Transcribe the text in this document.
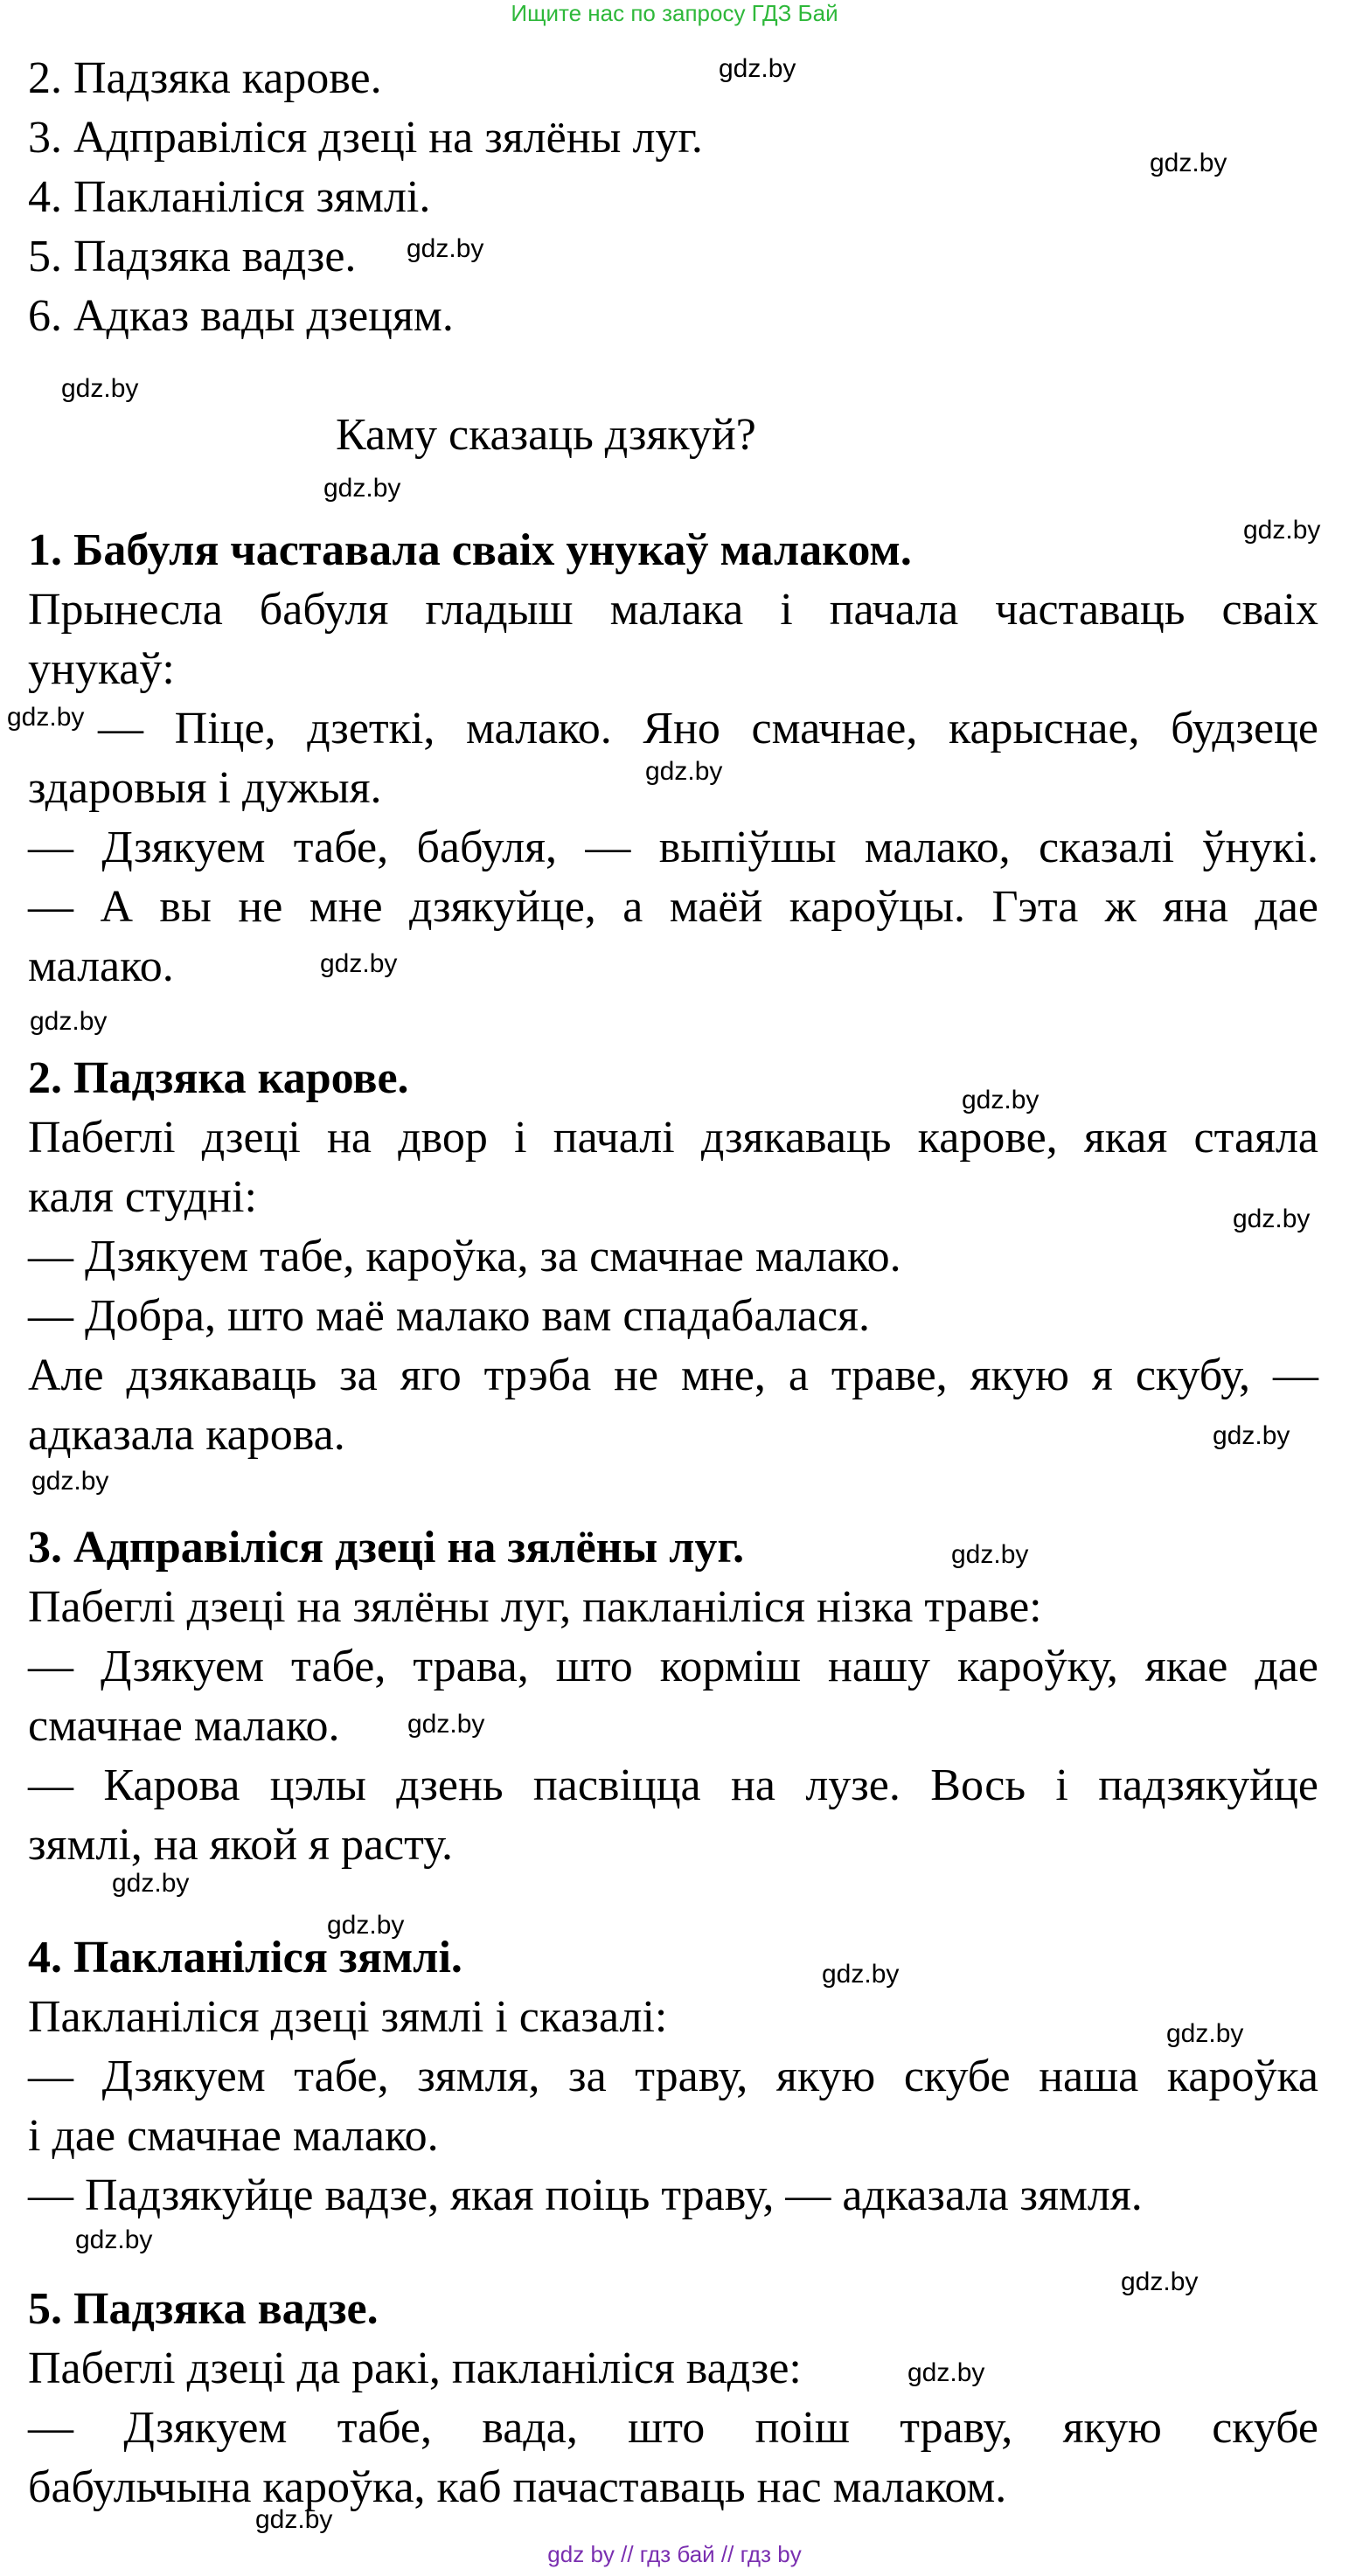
Ищите нас по запросу ГДЗ Бай
2. Падзяка карове.
3. Адправіліся дзеці на зялёны луг.
4. Пакланіліся зямлі.
5. Падзяка вадзе.
6. Адказ вады дзецям.
Каму сказаць дзякуй?
1. Бабуля частавала сваіх унукаў малаком.
Прынесла бабуля гладыш малака і пачала частаваць сваіх
унукаў:
— Піце, дзеткі, малако. Яно смачнае, карыснае, будзеце
здаровыя і дужыя.
— Дзякуем табе, бабуля, — выпіўшы малако, сказалі ўнукі.
— А вы не мне дзякуйце, а маёй кароўцы. Гэта ж яна дае
малако.
2. Падзяка карове.
Пабеглі дзеці на двор і пачалі дзякаваць карове, якая стаяла
каля студні:
— Дзякуем табе, кароўка, за смачнае малако.
— Добра, што маё малако вам спадабалася.
Але дзякаваць за яго трэба не мне, а траве, якую я скубу, —
адказала карова.
3. Адправіліся дзеці на зялёны луг.
Пабеглі дзеці на зялёны луг, пакланіліся нізка траве:
— Дзякуем табе, трава, што корміш нашу кароўку, якае дае
смачнае малако.
— Карова цэлы дзень пасвіцца на лузе. Вось і падзякуйце
зямлі, на якой я расту.
4. Пакланіліся зямлі.
Пакланіліся дзеці зямлі і сказалі:
— Дзякуем табе, зямля, за траву, якую скубе наша кароўка
і дае смачнае малако.
— Падзякуйце вадзе, якая поіць траву, — адказала зямля.
5. Падзяка вадзе.
Пабеглі дзеці да ракі, пакланіліся вадзе:
— Дзякуем табе, вада, што поіш траву, якую скубе
бабульчына кароўка, каб пачаставаць нас малаком.
gdz.by
gdz.by
gdz.by
gdz.by
gdz.by
gdz.by
gdz.by
gdz.by
gdz.by
gdz.by
gdz.by
gdz.by
gdz.by
gdz.by
gdz.by
gdz.by
gdz.by
gdz.by
gdz.by
gdz.by
gdz.by
gdz.by
gdz.by
gdz.by
gdz by // гдз бай // гдз by
